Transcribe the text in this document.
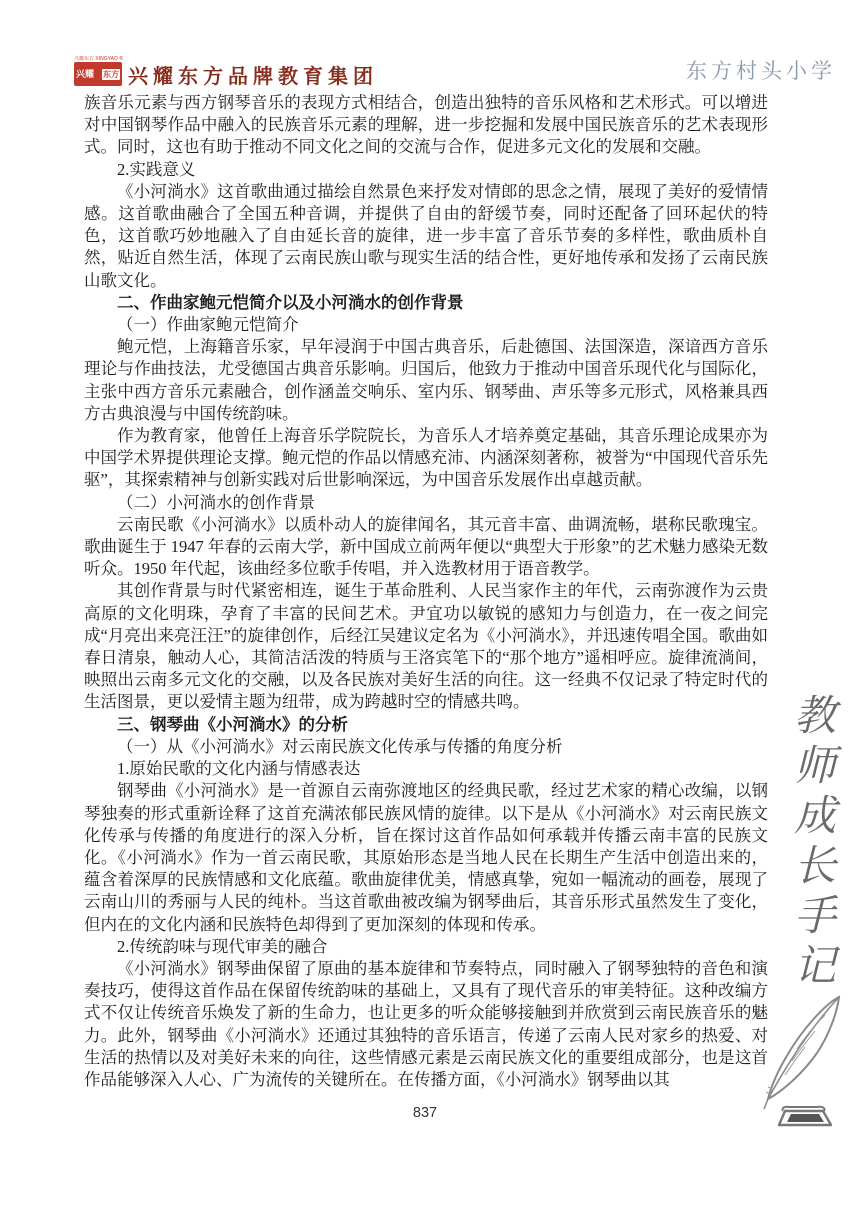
兴耀东方 XINGYAO ®
兴耀	东方 兴耀东方品牌教育集团	东方村头小学

族音乐元素与西方钢琴音乐的表现方式相结合，创造出独特的音乐风格和艺术形式。可以增进对中国钢琴作品中融入的民族音乐元素的理解，进一步挖掘和发展中国民族音乐的艺术表现形式。同时，这也有助于推动不同文化之间的交流与合作，促进多元文化的发展和交融。

2.实践意义

《小河淌水》这首歌曲通过描绘自然景色来抒发对情郎的思念之情，展现了美好的爱情情感。这首歌曲融合了全国五种音调，并提供了自由的舒缓节奏，同时还配备了回环起伏的特色，这首歌巧妙地融入了自由延长音的旋律，进一步丰富了音乐节奏的多样性，歌曲质朴自然，贴近自然生活，体现了云南民族山歌与现实生活的结合性，更好地传承和发扬了云南民族山歌文化。

二、作曲家鲍元恺简介以及小河淌水的创作背景

（一）作曲家鲍元恺简介

鲍元恺，上海籍音乐家，早年浸润于中国古典音乐，后赴德国、法国深造，深谙西方音乐理论与作曲技法，尤受德国古典音乐影响。归国后，他致力于推动中国音乐现代化与国际化，主张中西方音乐元素融合，创作涵盖交响乐、室内乐、钢琴曲、声乐等多元形式，风格兼具西方古典浪漫与中国传统韵味。

作为教育家，他曾任上海音乐学院院长，为音乐人才培养奠定基础，其音乐理论成果亦为中国学术界提供理论支撑。鲍元恺的作品以情感充沛、内涵深刻著称，被誉为“中国现代音乐先驱”，其探索精神与创新实践对后世影响深远，为中国音乐发展作出卓越贡献。

（二）小河淌水的创作背景

云南民歌《小河淌水》以质朴动人的旋律闻名，其元音丰富、曲调流畅，堪称民歌瑰宝。歌曲诞生于 1947 年春的云南大学，新中国成立前两年便以“典型大于形象”的艺术魅力感染无数听众。1950 年代起，该曲经多位歌手传唱，并入选教材用于语音教学。

其创作背景与时代紧密相连，诞生于革命胜利、人民当家作主的年代，云南弥渡作为云贵高原的文化明珠，孕育了丰富的民间艺术。尹宜功以敏锐的感知力与创造力，在一夜之间完成“月亮出来亮汪汪”的旋律创作，后经江吴建议定名为《小河淌水》，并迅速传唱全国。歌曲如春日清泉，触动人心，其简洁活泼的特质与王洛宾笔下的“那个地方”遥相呼应。旋律流淌间，映照出云南多元文化的交融，以及各民族对美好生活的向往。这一经典不仅记录了特定时代的生活图景，更以爱情主题为纽带，成为跨越时空的情感共鸣。

三、钢琴曲《小河淌水》的分析

（一）从《小河淌水》对云南民族文化传承与传播的角度分析

1.原始民歌的文化内涵与情感表达

钢琴曲《小河淌水》是一首源自云南弥渡地区的经典民歌，经过艺术家的精心改编，以钢琴独奏的形式重新诠释了这首充满浓郁民族风情的旋律。以下是从《小河淌水》对云南民族文化传承与传播的角度进行的深入分析，旨在探讨这首作品如何承载并传播云南丰富的民族文化。《小河淌水》作为一首云南民歌，其原始形态是当地人民在长期生产生活中创造出来的，蕴含着深厚的民族情感和文化底蕴。歌曲旋律优美，情感真挚，宛如一幅流动的画卷，展现了云南山川的秀丽与人民的纯朴。当这首歌曲被改编为钢琴曲后，其音乐形式虽然发生了变化，但内在的文化内涵和民族特色却得到了更加深刻的体现和传承。

2.传统韵味与现代审美的融合

《小河淌水》钢琴曲保留了原曲的基本旋律和节奏特点，同时融入了钢琴独特的音色和演奏技巧，使得这首作品在保留传统韵味的基础上，又具有了现代音乐的审美特征。这种改编方式不仅让传统音乐焕发了新的生命力，也让更多的听众能够接触到并欣赏到云南民族音乐的魅力。此外，钢琴曲《小河淌水》还通过其独特的音乐语言，传递了云南人民对家乡的热爱、对生活的热情以及对美好未来的向往，这些情感元素是云南民族文化的重要组成部分，也是这首作品能够深入人心、广为流传的关键所在。在传播方面，《小河淌水》钢琴曲以其

教师成长手记
837
